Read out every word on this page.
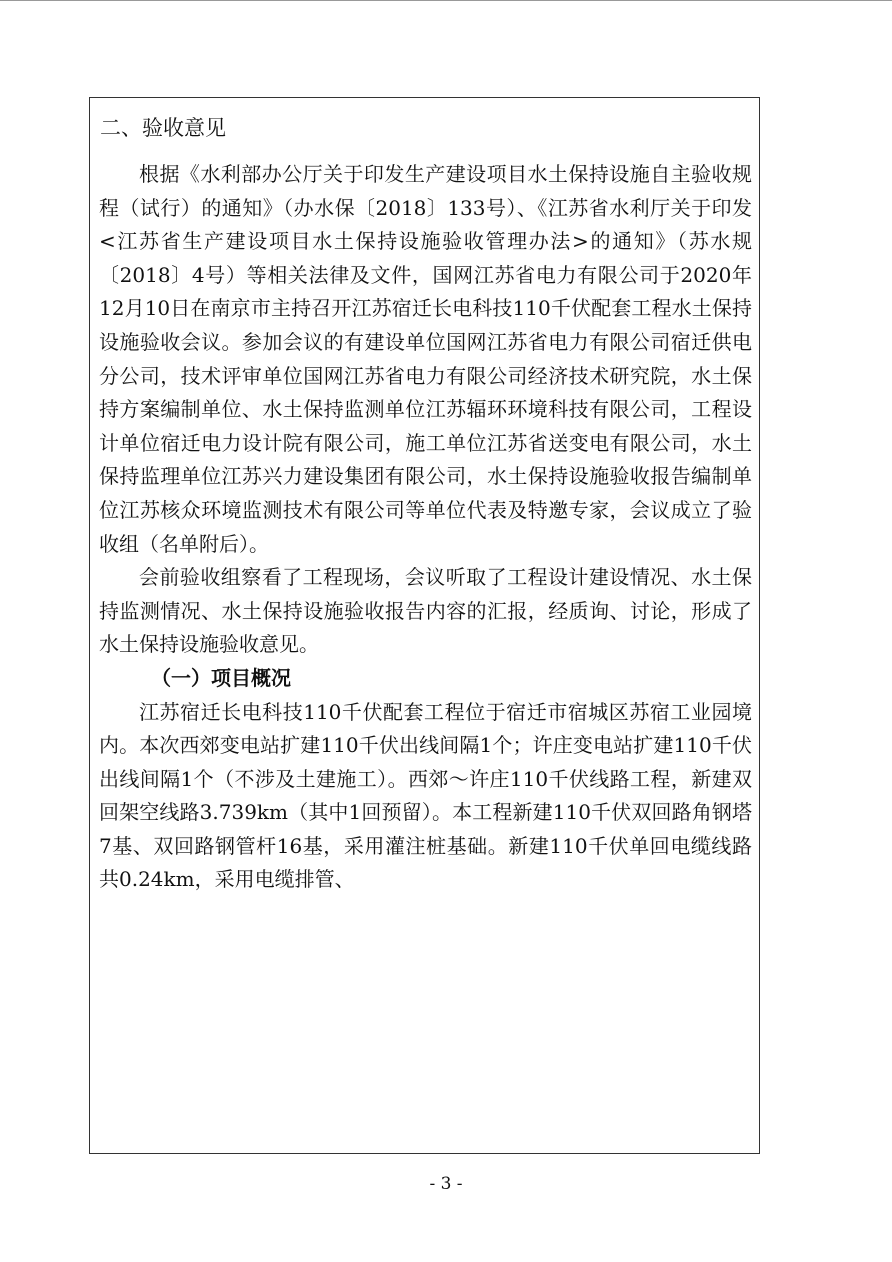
二、验收意见

根据《水利部办公厅关于印发生产建设项目水土保持设施自主验收规程（试行）的通知》（办水保〔2018〕133号）、《江苏省水利厅关于印发<江苏省生产建设项目水土保持设施验收管理办法>的通知》（苏水规〔2018〕4号）等相关法律及文件，国网江苏省电力有限公司于2020年12月10日在南京市主持召开江苏宿迁长电科技110千伏配套工程水土保持设施验收会议。参加会议的有建设单位国网江苏省电力有限公司宿迁供电分公司，技术评审单位国网江苏省电力有限公司经济技术研究院，水土保持方案编制单位、水土保持监测单位江苏辐环环境科技有限公司，工程设计单位宿迁电力设计院有限公司，施工单位江苏省送变电有限公司，水土保持监理单位江苏兴力建设集团有限公司，水土保持设施验收报告编制单位江苏核众环境监测技术有限公司等单位代表及特邀专家，会议成立了验收组（名单附后）。

会前验收组察看了工程现场，会议听取了工程设计建设情况、水土保持监测情况、水土保持设施验收报告内容的汇报，经质询、讨论，形成了水土保持设施验收意见。

（一）项目概况

江苏宿迁长电科技110千伏配套工程位于宿迁市宿城区苏宿工业园境内。本次西郊变电站扩建110千伏出线间隔1个；许庄变电站扩建110千伏出线间隔1个（不涉及土建施工）。西郊～许庄110千伏线路工程，新建双回架空线路3.739km（其中1回预留）。本工程新建110千伏双回路角钢塔7基、双回路钢管杆16基，采用灌注桩基础。新建110千伏单回电缆线路共0.24km，采用电缆排管、

- 3 -
